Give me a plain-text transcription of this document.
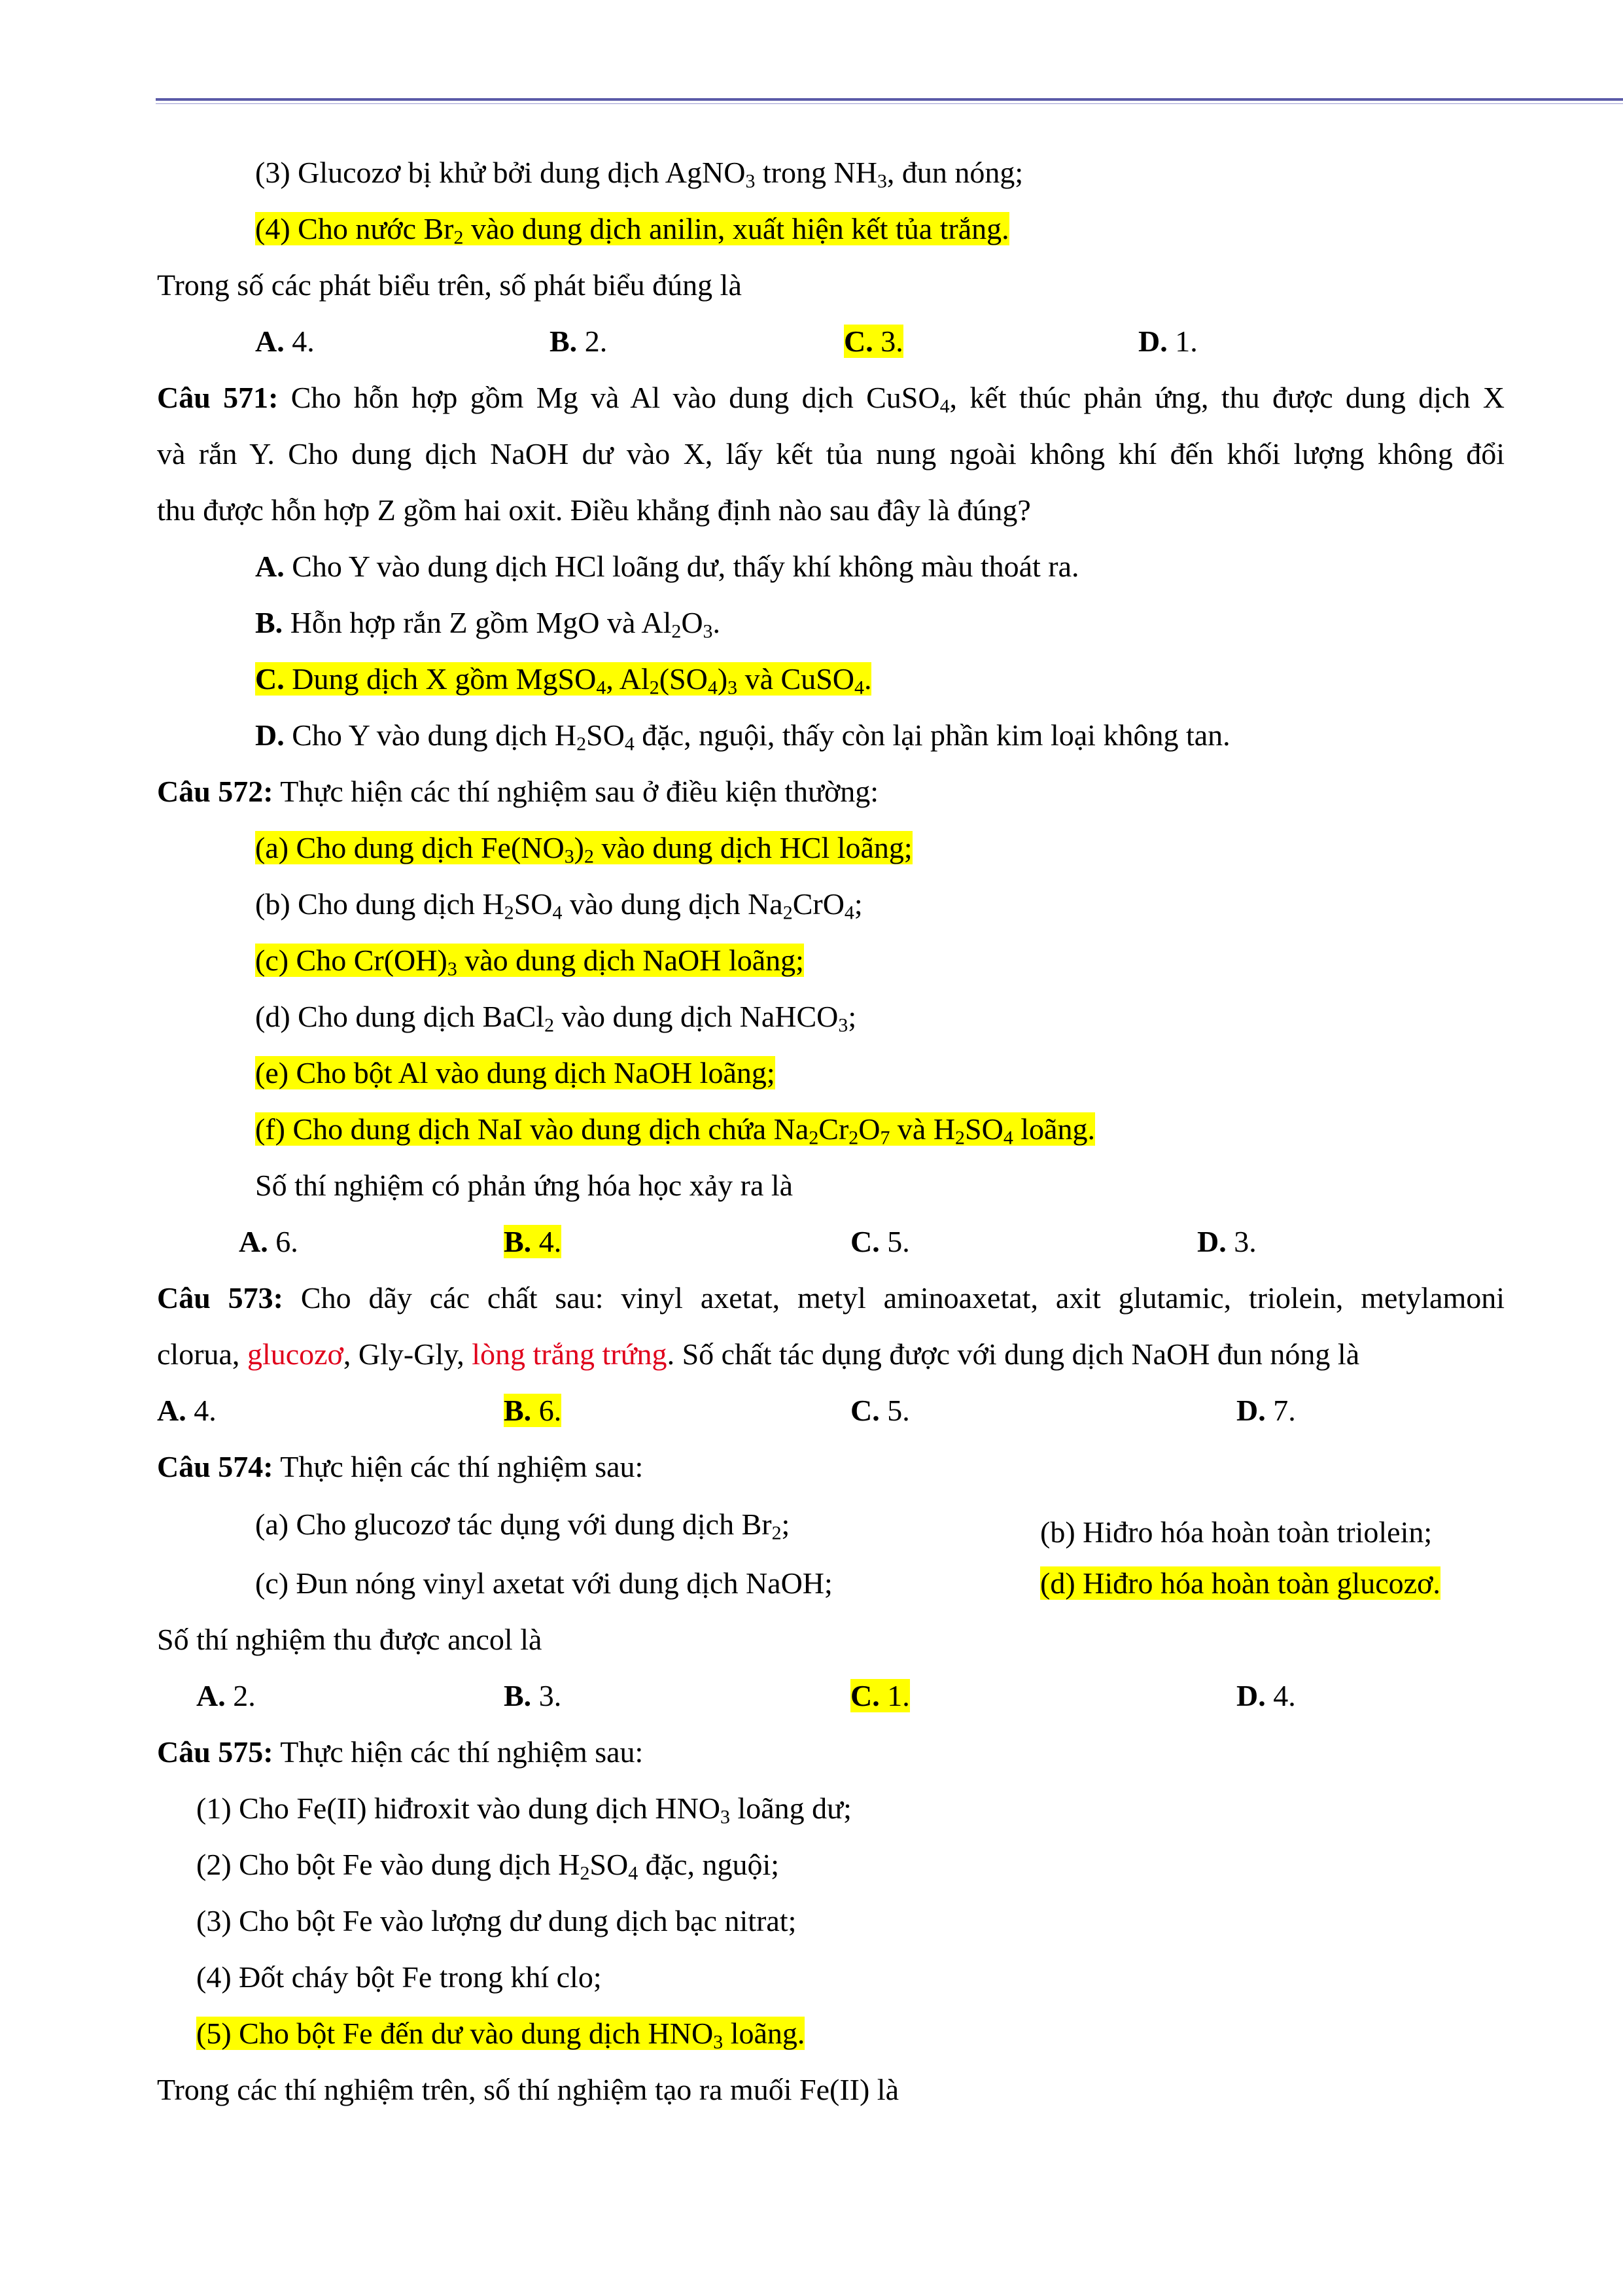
(3) Glucozơ bị khử bởi dung dịch AgNO$_3$ trong $NH_3$, đun nóng;
(4) Cho nước $Br_2$ vào dung dịch anilin, xuất hiện kết tủa trắng.
Trong số các phát biểu trên, số phát biểu đúng là
A. 4.	B. 2.	C. 3.	D. 1.
Câu 571: Cho hỗn hợp gồm Mg và Al vào dung dịch CuSO$_4$, kết thúc phản ứng, thu được dung dịch X
và rắn Y. Cho dung dịch NaOH dư vào X, lấy kết tủa nung ngoài không khí đến khối lượng không đổi
thu được hỗn hợp Z gồm hai oxit. Điều khẳng định nào sau đây là đúng?
A. Cho Y vào dung dịch HCl loãng dư, thấy khí không màu thoát ra.
B. Hỗn hợp rắn Z gồm MgO và $Al_2O_3$.
C. Dung dịch X gồm MgSO$_4$, $Al_2(SO_4)_3$ và CuSO$_4$.
D. Cho Y vào dung dịch $H_2SO_4$ đặc, nguội, thấy còn lại phần kim loại không tan.
Câu 572: Thực hiện các thí nghiệm sau ở điều kiện thường:
(a) Cho dung dịch $Fe(NO_3)_2$ vào dung dịch HCl loãng;
(b) Cho dung dịch $H_2SO_4$ vào dung dịch $Na_2CrO_4$;
(c) Cho $Cr(OH)_3$ vào dung dịch NaOH loãng;
(d) Cho dung dịch BaCl$_2$ vào dung dịch NaHCO$_3$;
(e) Cho bột Al vào dung dịch NaOH loãng;
(f) Cho dung dịch NaI vào dung dịch chứa $Na_2Cr_2O_7$ và $H_2SO_4$ loãng.
Số thí nghiệm có phản ứng hóa học xảy ra là
A. 6.	B. 4.	C. 5.	D. 3.
Câu 573: Cho dãy các chất sau: vinyl axetat, metyl aminoaxetat, axit glutamic, triolein, metylamoni
clorua, glucozơ, Gly-Gly, lòng trắng trứng. Số chất tác dụng được với dung dịch NaOH đun nóng là
A. 4.	B. 6.	C. 5.	D. 7.
Câu 574: Thực hiện các thí nghiệm sau:
(a) Cho glucozơ tác dụng với dung dịch $Br_2$;	(b) Hiđro hóa hoàn toàn triolein;
(c) Đun nóng vinyl axetat với dung dịch NaOH;	(d) Hiđro hóa hoàn toàn glucozơ.
Số thí nghiệm thu được ancol là
A. 2.	B. 3.	C. 1.	D. 4.
Câu 575: Thực hiện các thí nghiệm sau:
(1) Cho Fe(II) hiđroxit vào dung dịch $HNO_3$ loãng dư;
(2) Cho bột Fe vào dung dịch $H_2SO_4$ đặc, nguội;
(3) Cho bột Fe vào lượng dư dung dịch bạc nitrat;
(4) Đốt cháy bột Fe trong khí clo;
(5) Cho bột Fe đến dư vào dung dịch $HNO_3$ loãng.
Trong các thí nghiệm trên, số thí nghiệm tạo ra muối Fe(II) là
